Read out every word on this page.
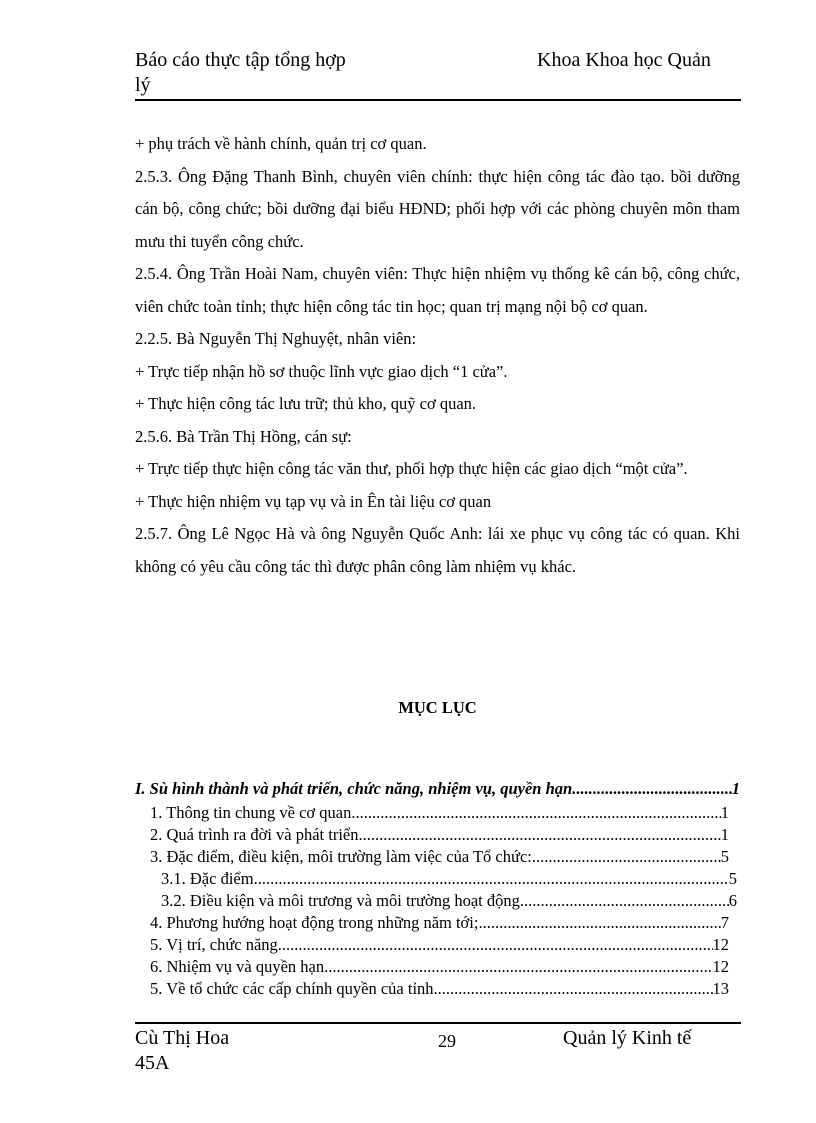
Báo cáo thực tập tổng hợp
lý
Khoa Khoa học Quản

+ phụ trách về hành chính, quản trị cơ quan.

2.5.3. Ông Đặng Thanh Bình, chuyên viên chính: thực hiện công tác đào tạo. bồi dưỡng cán bộ, công chức; bồi dưỡng đại biểu HĐND; phối hợp với các phòng chuyên môn tham mưu thi tuyển công chức.

2.5.4. Ông Trần Hoài Nam, chuyên viên: Thực hiện nhiệm vụ thống kê cán bộ, công chức, viên chức toàn tỉnh; thực hiện công tác tin học; quan trị mạng nội bộ cơ quan.

2.2.5. Bà Nguyễn Thị Nghuyệt, nhân viên:

+ Trực tiếp nhận hồ sơ thuộc lĩnh vực giao dịch “1 cửa”.

+ Thực hiện công tác lưu trữ; thủ kho, quỹ cơ quan.

2.5.6. Bà Trần Thị Hồng, cán sự:

+ Trực tiếp thực hiện công tác văn thư, phối hợp thực hiện các giao dịch “một cửa”.

+ Thực hiện nhiệm vụ tạp vụ và in Ên tài liệu cơ quan

2.5.7. Ông Lê Ngọc Hà và ông Nguyễn Quốc Anh: lái xe phục vụ công tác có quan. Khi không có yêu cầu công tác thì được phân công làm nhiệm vụ khác.

MỤC LỤC
I. Sù hình thành và phát triển, chức năng, nhiệm vụ, quyền hạn .....	1
1. Thông tin chung về cơ quan .....	1
2. Quá trình ra đời và phát triển. .....	1
3. Đặc điểm, điều kiện, môi trường làm việc của Tổ chức: .....	5
3.1. Đặc điểm .....	5
3.2. Điều kiện và môi trương và môi trường hoạt động .....	6
4. Phương hướng hoạt động trong những năm tới; .....	7
5. Vị trí, chức năng. .....	12
6. Nhiệm vụ và quyền hạn .....	12
5. Về tổ chức các cấp chính quyền của tỉnh. .....	13
Cù Thị Hoa
45A
29	Quản lý Kinh tế
